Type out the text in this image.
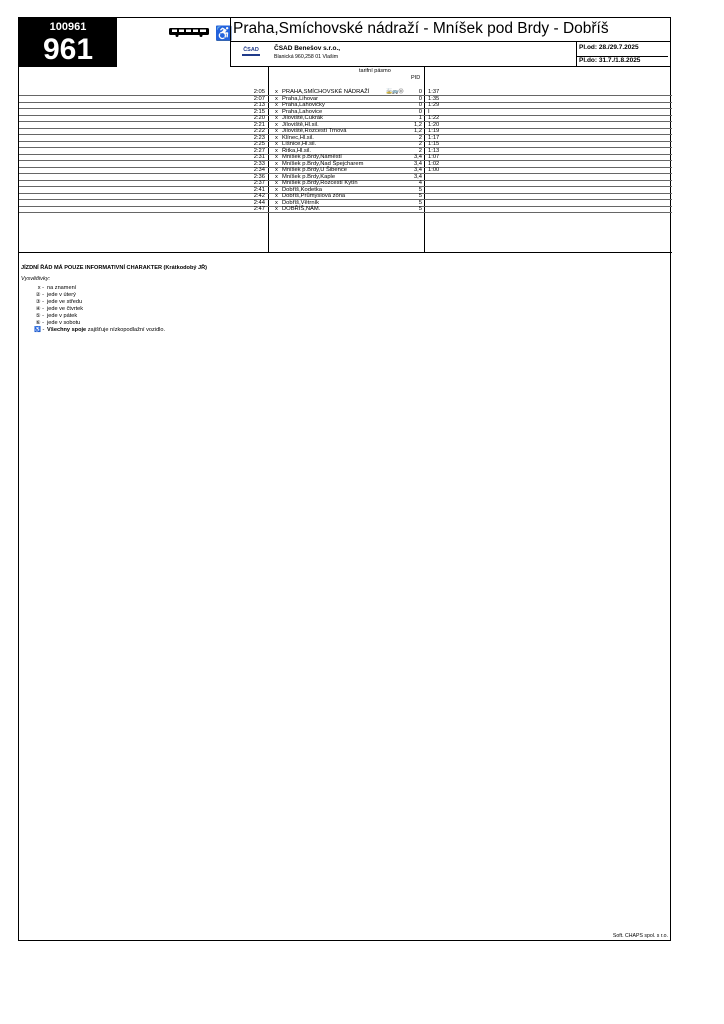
100961
961	♿ Praha,Smíchovské nádraží - Mníšek pod Brdy - Dobříš
ČSAD ČSAD Benešov s.r.o.,
Blanická 960,258 01 Vlašim
Pl.od: 28./29.7.2025
Pl.do: 31.7./1.8.2025
tarifní pásmo
PID
2:05 x PRAHA,SMÍCHOVSKÉ NÁDRAŽÍ	0 1:37
🚋🚌Ⓜ
2:07 x Praha,Lihovar	0 1:35
2:13 x Praha,Lahovičky	0 1:29
2:15 x Praha,Lahovice	0 I
2:20 x Jíloviště,Cukrák	1 1:22
2:21 x Jíloviště,Hl.sil.	1,2 1:20
2:22 x Jíloviště,Rozcestí Trnová	1,2 1:19
2:23 x Klínec,Hl.sil.	2 1:17
2:25 x Líšnice,Hl.sil.	2 1:15
2:27 x Řitka,Hl.sil.	2 1:13
2:31 x Mníšek p.Brdy,Náměstí	3,4 1:07
2:33 x Mníšek p.Brdy,Nad Špejcharem	3,4 1:02
2:34 x Mníšek p.Brdy,U Šibence	3,4 1:00
2:36 x Mníšek p.Brdy,Kaple	3,4
2:37 x Mníšek p.Brdy,Rozcestí Kytín	4
2:41 x Dobříš,Kodetka	5
2:42 x Dobříš,Průmyslová zóna	5
2:44 x Dobříš,Větrník	5
2:47 x DOBŘÍŠ,NÁM.	5
JÍZDNÍ ŘÁD MÁ POUZE INFORMATIVNÍ CHARAKTER (Krátkodobý JŘ)
Vysvětlivky:
x - na znamení
② - jede v úterý
③ - jede ve středu
④ - jede ve čtvrtek
⑤ - jede v pátek
⑥ - jede v sobotu
♿ - Všechny spoje zajišťuje nízkopodlažní vozidlo.
Soft. CHAPS spol. s r.o.
